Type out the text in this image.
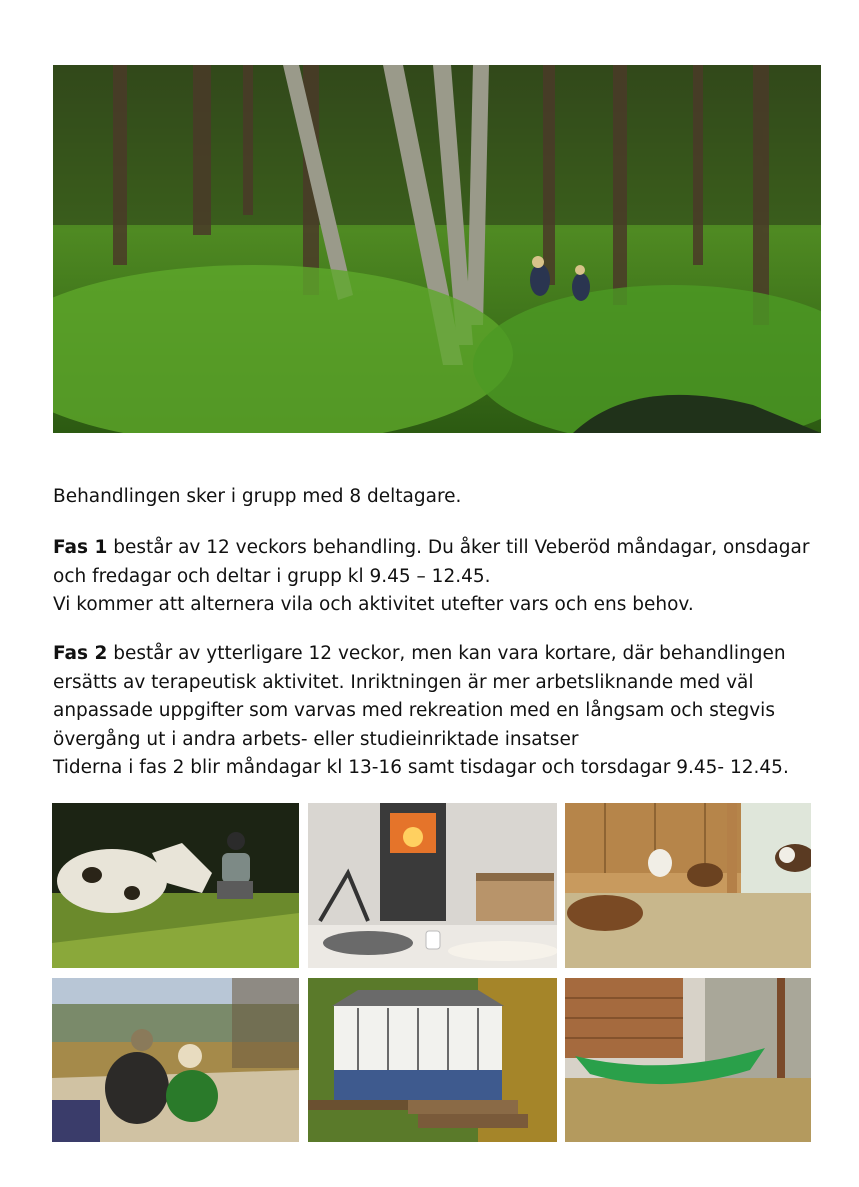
Behandlingen sker i grupp med 8 deltagare.

Fas 1 består av 12 veckors behandling. Du åker till Veberöd måndagar, onsdagar

och fredagar och deltar i grupp kl 9.45 – 12.45.

Vi kommer att alternera vila och aktivitet utefter vars och ens behov.

Fas 2 består av ytterligare 12 veckor, men kan vara kortare, där behandlingen

ersätts av terapeutisk aktivitet. Inriktningen är mer arbetsliknande med väl

anpassade uppgifter som varvas med rekreation med en långsam och stegvis

övergång ut i andra arbets- eller studieinriktade insatser

Tiderna i fas 2 blir måndagar kl 13-16 samt tisdagar och torsdagar 9.45- 12.45.
